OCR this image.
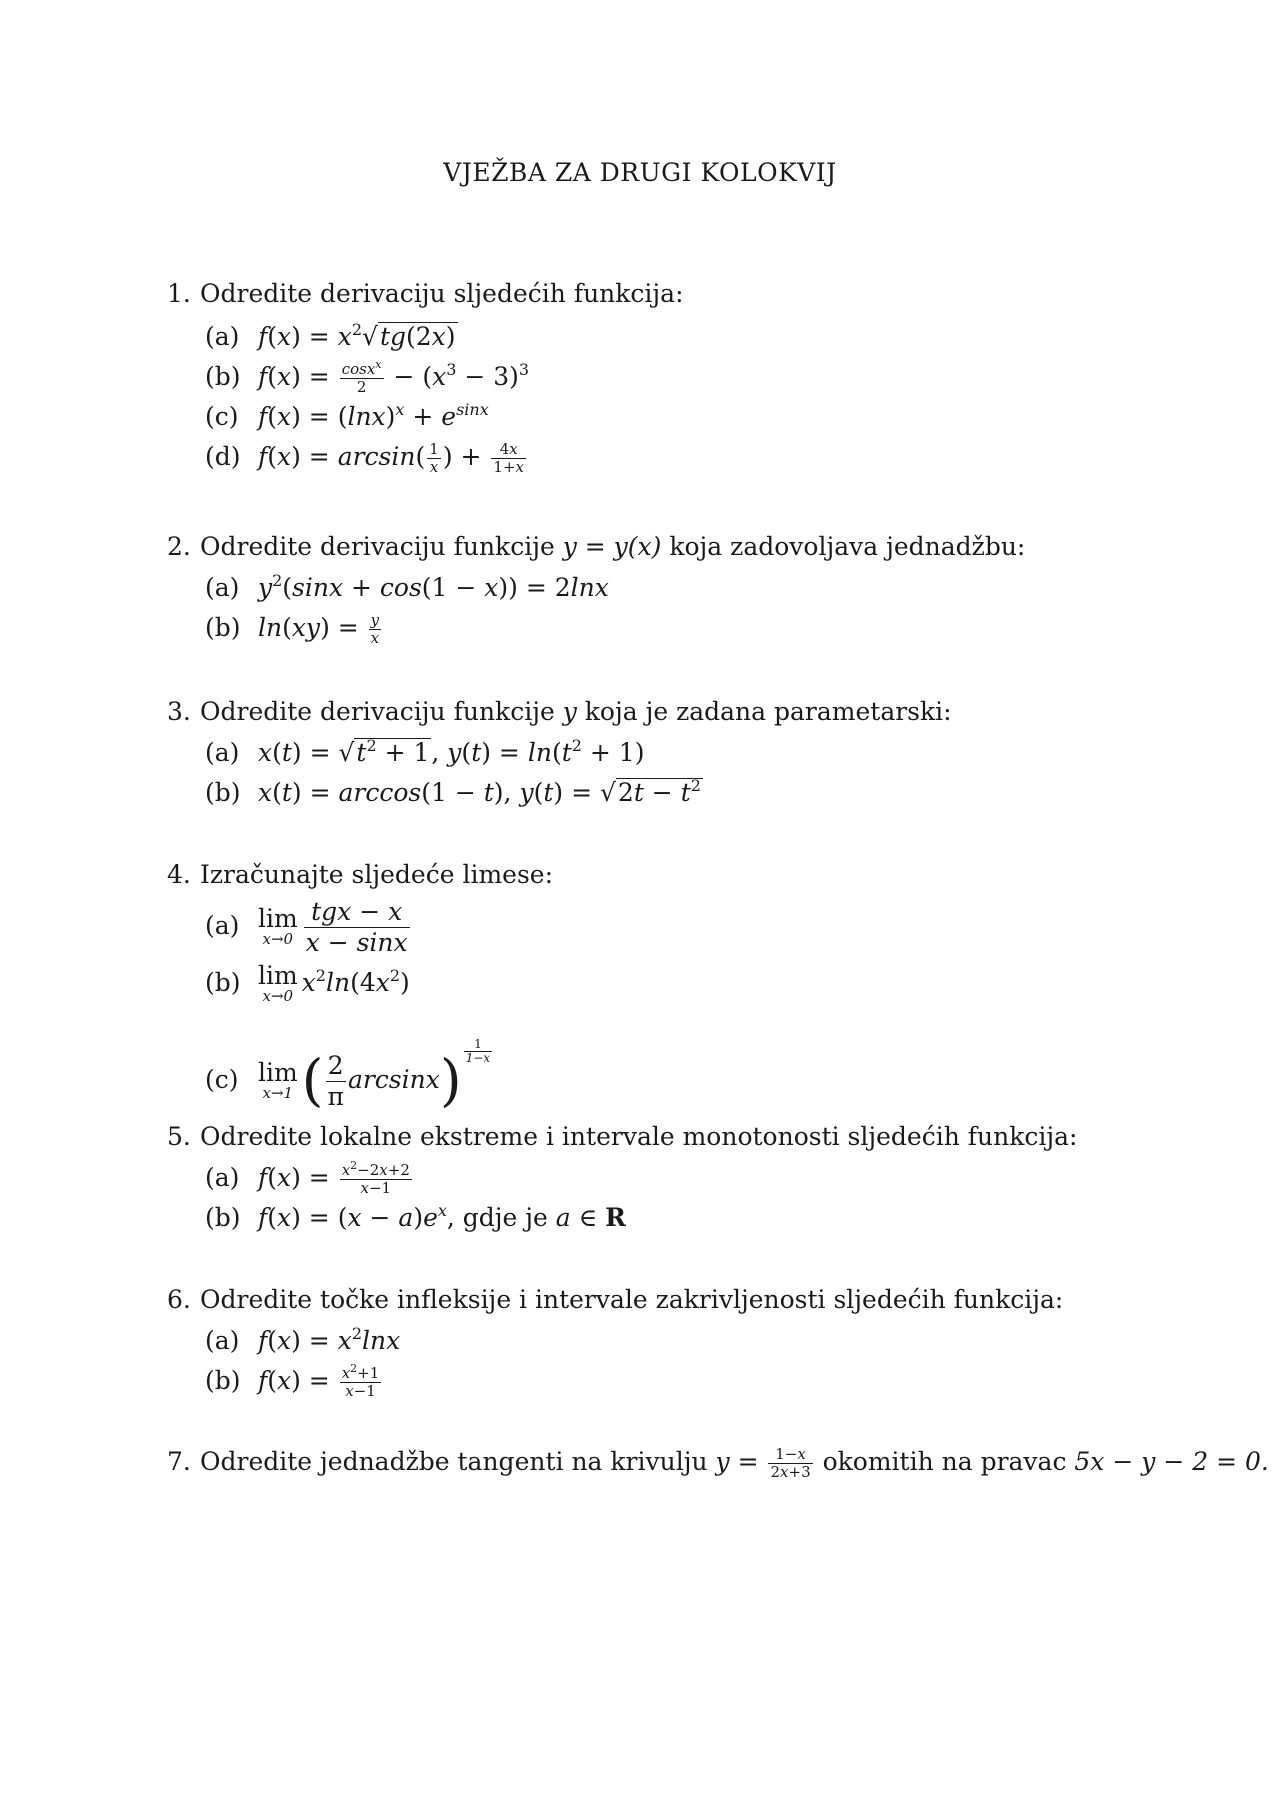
VJEŽBA ZA DRUGI KOLOKVIJ
1. Odredite derivaciju sljedećih funkcija:
(a) $f(x) = x^2√tg(2x)$
(b) $f(x) = \frac{\cos x^x}{2} - (x^3 - 3)^3$
(c) $f(x) = (\ln x)^x + e^{sinx}$
(d) $f(x) = \arcsin( \frac{1}{x}$ ) + $\frac{4x}{1+x}$
2. Odredite derivaciju funkcije y = y(x) koja zadovoljava jednadžbu:
(a) $y^2(\sin x + \cos(1 - x)) = 2\ln x$
(b) $\ln(xy) = \frac{y}{x}$
3. Odredite derivaciju funkcije y koja je zadana parametarski:
(a) $x(t) = √t^2 + 1$, $y(t) = \ln(t^2 + 1)$
(b) x(t) = arccos(1 − t), $y(t) = √2t - t^2$
4. Izračunajte sljedeće limese:
(a) lim
$x\to 0 \frac{\text{tgx − x}}{x - \sin x}$
(b) lim
x→0 $x^2\ln(4x^2)$
(c) lim
x→1 ( $\frac{2}{\pi} \arcsin x) \frac{1}{1-x}$
5. Odredite lokalne ekstreme i intervale monotonosti sljedećih funkcija:
(a) $f(x) = \frac{x^2-2x+2}{x-1}$
(b) $f(x) = (x - a)e^x$, gdje je a ∈ R
6. Odredite točke infleksije i intervale zakrivljenosti sljedećih funkcija:
(a) $f(x) = x^2\ln x$
(b) $f(x) = \frac{x^2+1}{x-1}$
7. Odredite jednadžbe tangenti na krivulju $y = \frac{1-x}{2x+3}$ okomitih na pravac 5x − y − 2 = 0.
